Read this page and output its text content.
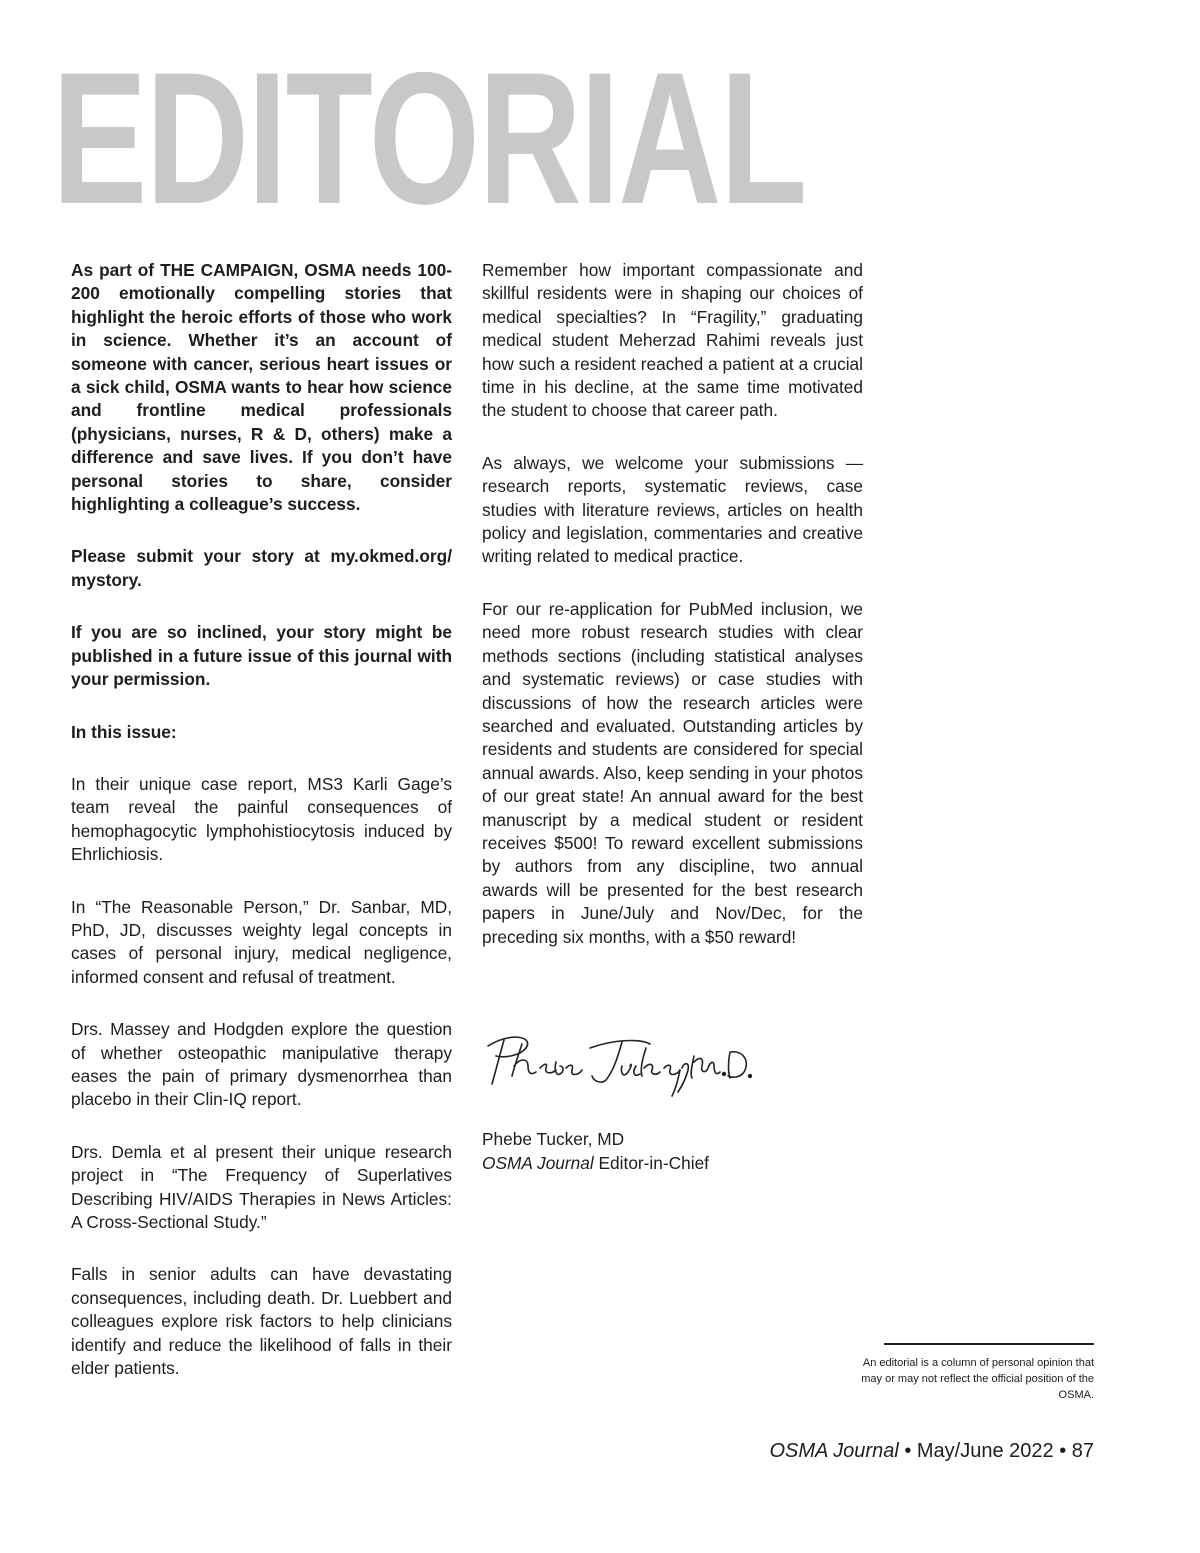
EDITORIAL

As part of THE CAMPAIGN, OSMA needs 100-200 emotionally compelling stories that highlight the heroic efforts of those who work in science. Whether it’s an account of someone with cancer, serious heart issues or a sick child, OSMA wants to hear how science and frontline medical professionals (physicians, nurses, R & D, others) make a difference and save lives. If you don’t have personal stories to share, consider highlighting a colleague’s success.

Please submit your story at my.okmed.org/ mystory.

If you are so inclined, your story might be published in a future issue of this journal with your permission.

In this issue:

In their unique case report, MS3 Karli Gage’s team reveal the painful consequences of hemophagocytic lymphohistiocytosis induced by Ehrlichiosis.

In “The Reasonable Person,” Dr. Sanbar, MD, PhD, JD, discusses weighty legal concepts in cases of personal injury, medical negligence, informed consent and refusal of treatment.

Drs. Massey and Hodgden explore the question of whether osteopathic manipulative therapy eases the pain of primary dysmenorrhea than placebo in their Clin-IQ report.

Drs. Demla et al present their unique research project in “The Frequency of Superlatives Describing HIV/AIDS Therapies in News Articles: A Cross-Sectional Study.”

Falls in senior adults can have devastating consequences, including death. Dr. Luebbert and colleagues explore risk factors to help clinicians identify and reduce the likelihood of falls in their elder patients.

Remember how important compassionate and skillful residents were in shaping our choices of medical specialties? In “Fragility,” graduating medical student Meherzad Rahimi reveals just how such a resident reached a patient at a crucial time in his decline, at the same time motivated the student to choose that career path.

As always, we welcome your submissions — research reports, systematic reviews, case studies with literature reviews, articles on health policy and legislation, commentaries and creative writing related to medical practice.

For our re-application for PubMed inclusion, we need more robust research studies with clear methods sections (including statistical analyses and systematic reviews) or case studies with discussions of how the research articles were searched and evaluated. Outstanding articles by residents and students are considered for special annual awards. Also, keep sending in your photos of our great state! An annual award for the best manuscript by a medical student or resident receives $500! To reward excellent submissions by authors from any discipline, two annual awards will be presented for the best research papers in June/July and Nov/Dec, for the preceding six months, with a $50 reward!

Phebe Tucker, MD
OSMA Journal Editor-in-Chief
An editorial is a column of personal opinion that may or may not reflect the official position of the OSMA.
OSMA Journal • May/June 2022 • 87
